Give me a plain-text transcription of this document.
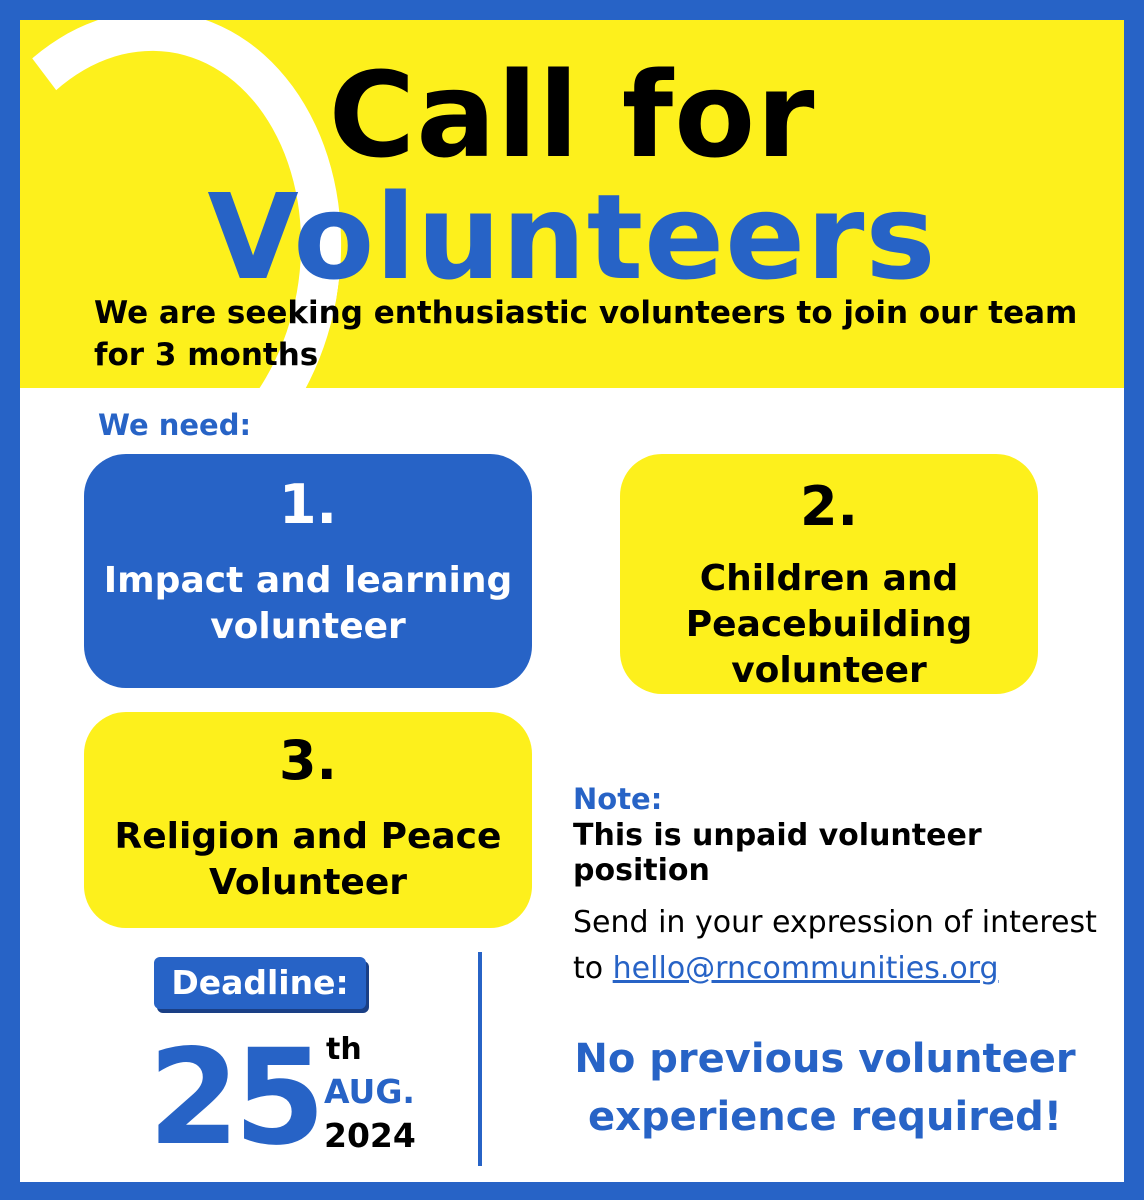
Call for
Volunteers
We are seeking enthusiastic volunteers to join our team for 3 months
We need:
1.
Impact and learning volunteer
2.
Children and Peacebuilding volunteer
3.
Religion and Peace Volunteer
Note:
This is unpaid volunteer position
Send in your expression of interest to hello@rncommunities.org
No previous volunteer experience required!
Deadline:
25 th
AUG.
2024
